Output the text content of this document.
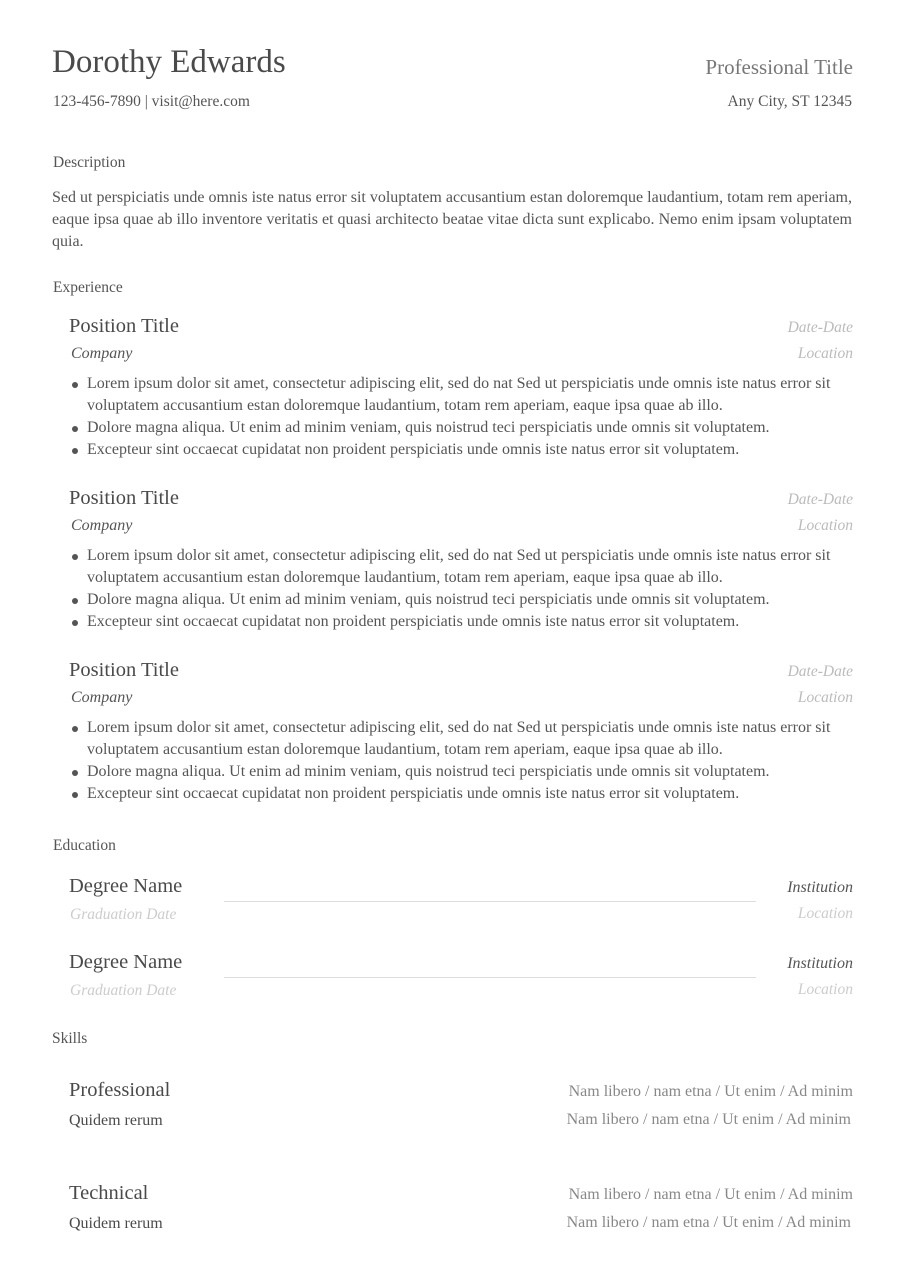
Dorothy Edwards	Professional Title
123-456-7890 | visit@here.com	Any City, ST 12345
Description

Sed ut perspiciatis unde omnis iste natus error sit voluptatem accusantium estan doloremque laudantium, totam rem aperiam, eaque ipsa quae ab illo inventore veritatis et quasi architecto beatae vitae dicta sunt explicabo. Nemo enim ipsam voluptatem quia.

Experience
Position Title
Company
Date-Date
Location
Lorem ipsum dolor sit amet, consectetur adipiscing elit, sed do nat Sed ut perspiciatis unde omnis iste natus error sit voluptatem accusantium estan doloremque laudantium, totam rem aperiam, eaque ipsa quae ab illo.
Dolore magna aliqua. Ut enim ad minim veniam, quis noistrud teci perspiciatis unde omnis sit voluptatem.
Excepteur sint occaecat cupidatat non proident perspiciatis unde omnis iste natus error sit voluptatem.
Position Title
Company
Date-Date
Location
Lorem ipsum dolor sit amet, consectetur adipiscing elit, sed do nat Sed ut perspiciatis unde omnis iste natus error sit voluptatem accusantium estan doloremque laudantium, totam rem aperiam, eaque ipsa quae ab illo.
Dolore magna aliqua. Ut enim ad minim veniam, quis noistrud teci perspiciatis unde omnis sit voluptatem.
Excepteur sint occaecat cupidatat non proident perspiciatis unde omnis iste natus error sit voluptatem.
Position Title
Company
Date-Date
Location
Lorem ipsum dolor sit amet, consectetur adipiscing elit, sed do nat Sed ut perspiciatis unde omnis iste natus error sit voluptatem accusantium estan doloremque laudantium, totam rem aperiam, eaque ipsa quae ab illo.
Dolore magna aliqua. Ut enim ad minim veniam, quis noistrud teci perspiciatis unde omnis sit voluptatem.
Excepteur sint occaecat cupidatat non proident perspiciatis unde omnis iste natus error sit voluptatem.
Education
Degree Name
Graduation Date
Institution
Location
Degree Name
Graduation Date
Institution
Location
Skills
Professional
Quidem rerum
Nam libero / nam etna / Ut enim / Ad minim
Nam libero / nam etna / Ut enim / Ad minim
Technical
Quidem rerum
Nam libero / nam etna / Ut enim / Ad minim
Nam libero / nam etna / Ut enim / Ad minim
